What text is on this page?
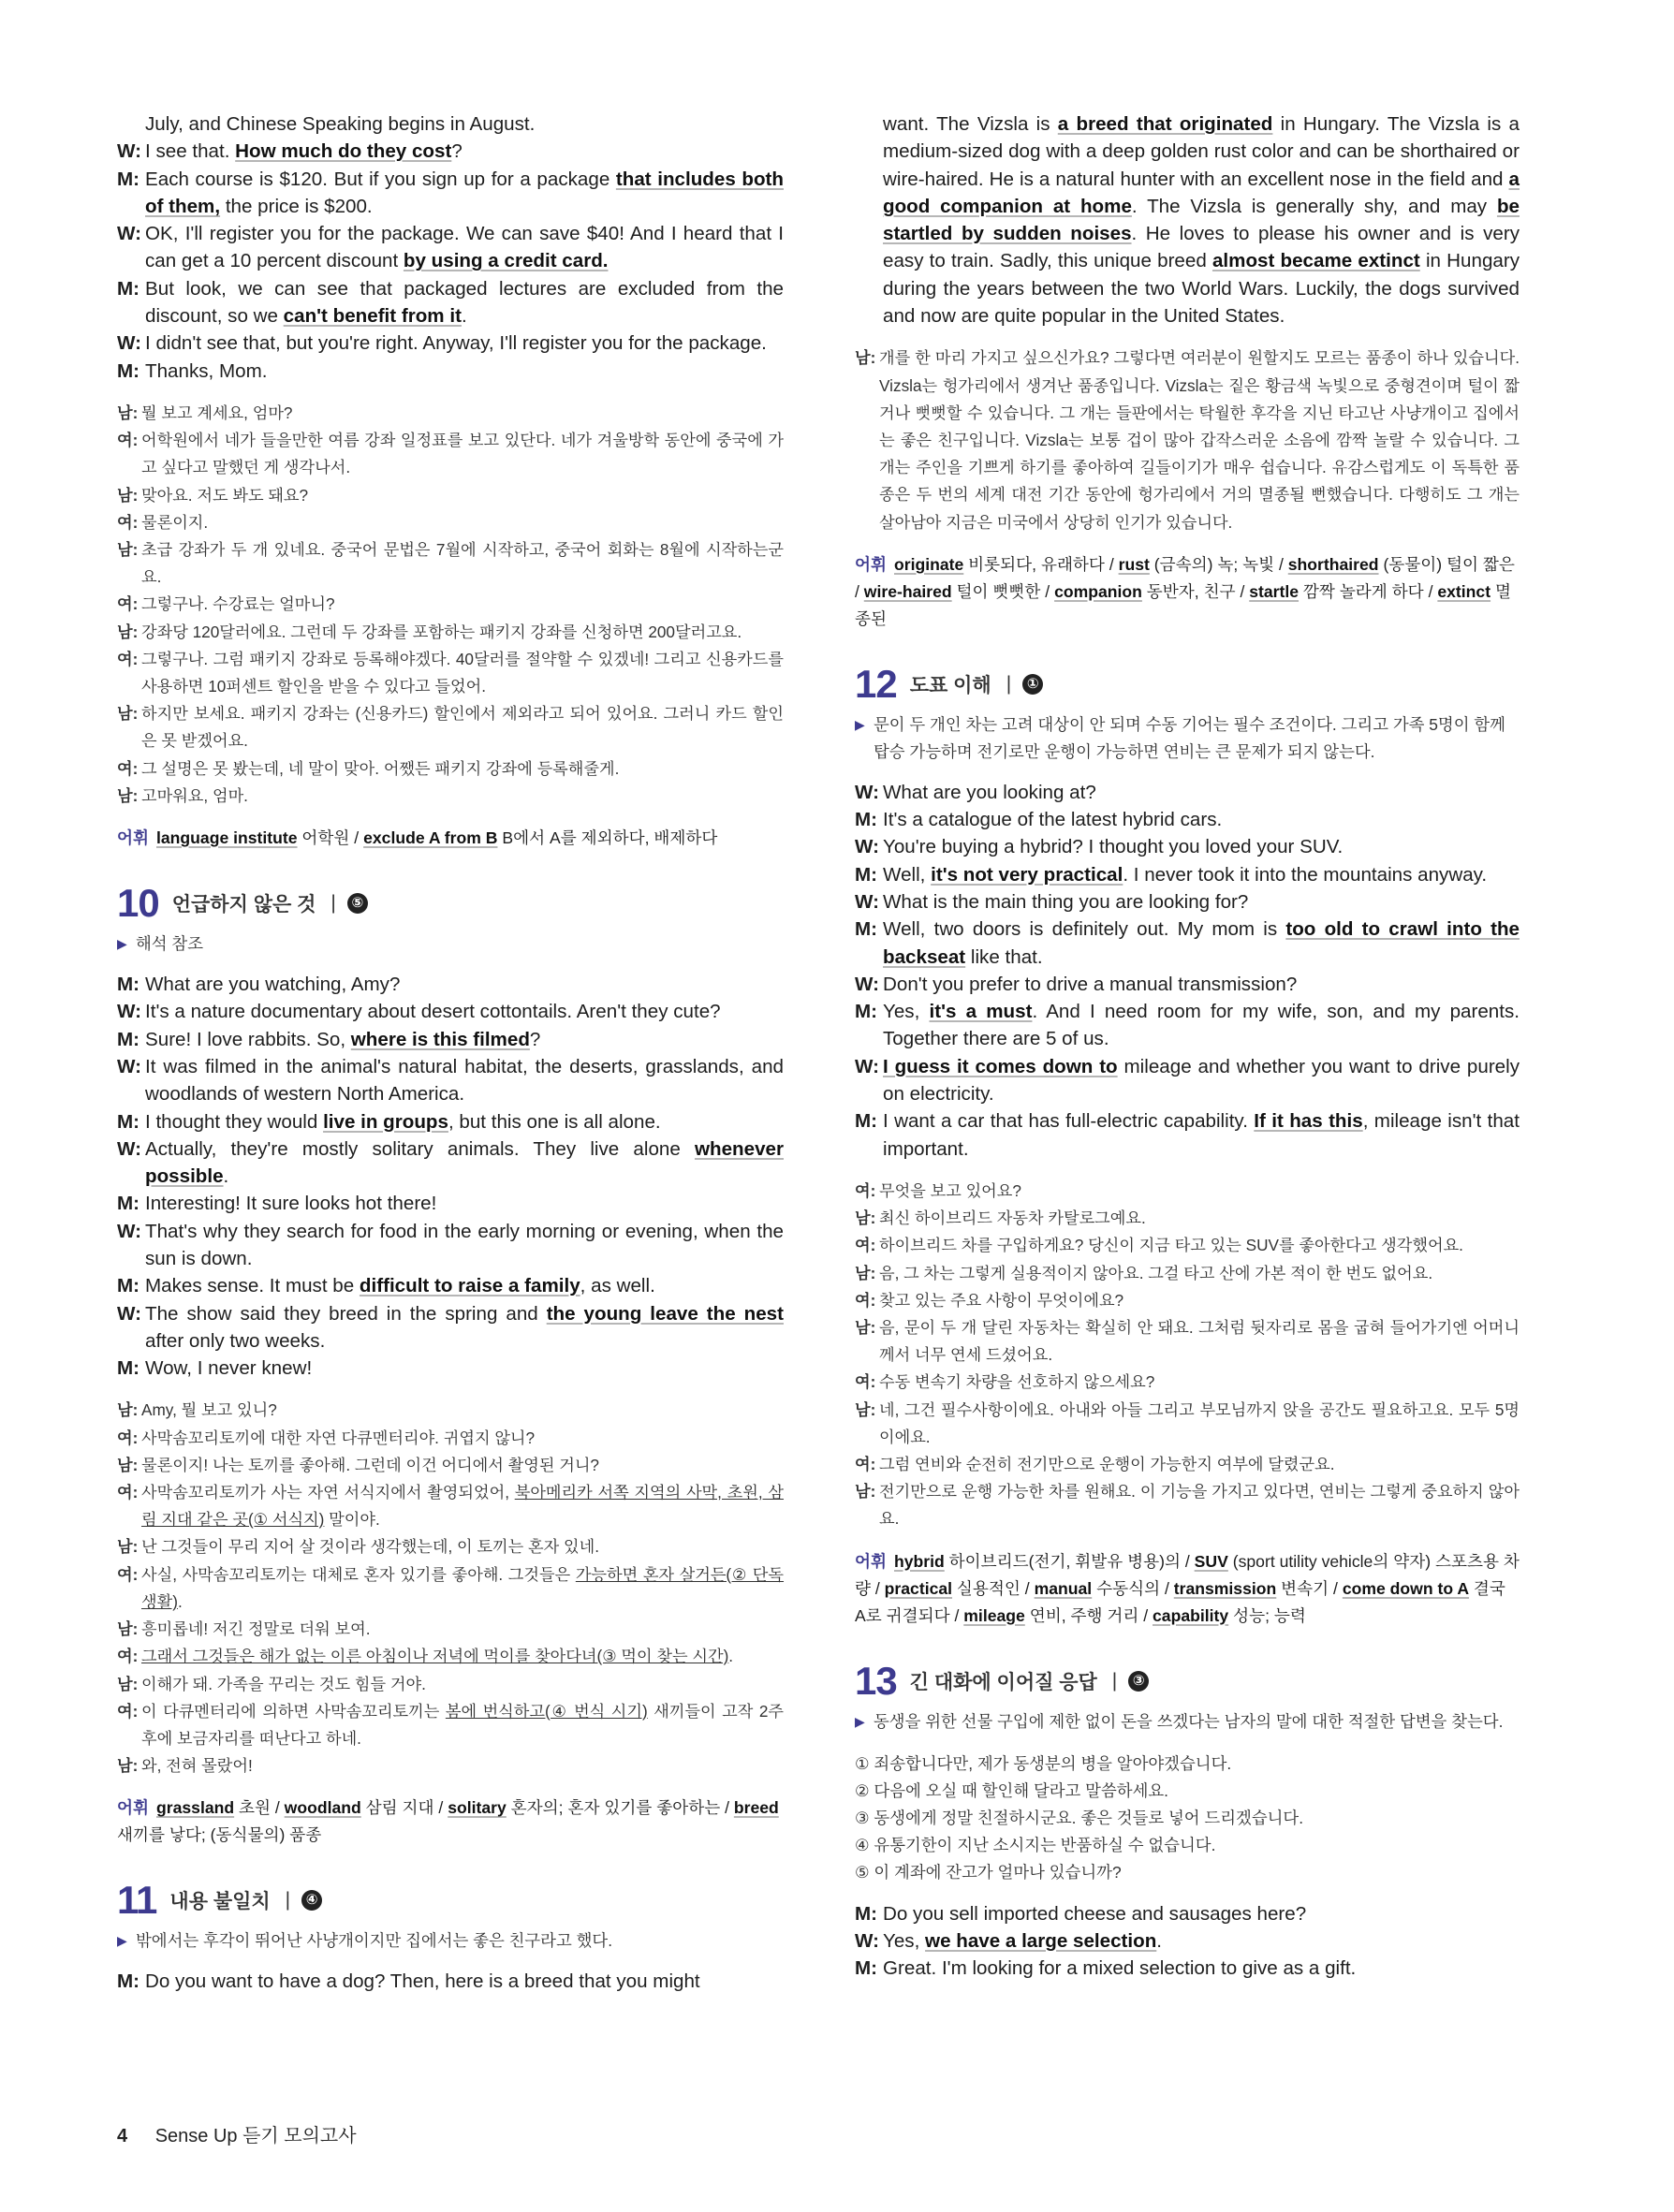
July, and Chinese Speaking begins in August.
W: I see that. How much do they cost?
M: Each course is $120. But if you sign up for a package that includes both of them, the price is $200.
W: OK, I'll register you for the package. We can save $40! And I heard that I can get a 10 percent discount by using a credit card.
M: But look, we can see that packaged lectures are excluded from the discount, so we can't benefit from it.
W: I didn't see that, but you're right. Anyway, I'll register you for the package.
M: Thanks, Mom.
남: 뭘 보고 계세요, 엄마?
여: 어학원에서 네가 들을만한 여름 강좌 일정표를 보고 있단다. 네가 겨울방학 동안에 중국에 가고 싶다고 말했던 게 생각나서.
남: 맞아요. 저도 봐도 돼요?
여: 물론이지.
남: 초급 강좌가 두 개 있네요. 중국어 문법은 7월에 시작하고, 중국어 회화는 8월에 시작하는군요.
여: 그렇구나. 수강료는 얼마니?
남: 강좌당 120달러에요. 그런데 두 강좌를 포함하는 패키지 강좌를 신청하면 200달러고요.
여: 그렇구나. 그럼 패키지 강좌로 등록해야겠다. 40달러를 절약할 수 있겠네! 그리고 신용카드를 사용하면 10퍼센트 할인을 받을 수 있다고 들었어.
남: 하지만 보세요. 패키지 강좌는 (신용카드) 할인에서 제외라고 되어 있어요. 그러니 카드 할인은 못 받겠어요.
여: 그 설명은 못 봤는데, 네 말이 맞아. 어쨌든 패키지 강좌에 등록해줄게.
남: 고마워요, 엄마.
어휘 language institute 어학원 / exclude A from B B에서 A를 제외하다, 배제하다
10 언급하지 않은 것 |	⑤
▶ 해석 참조
M: What are you watching, Amy?
W: It's a nature documentary about desert cottontails. Aren't they cute?
M: Sure! I love rabbits. So, where is this filmed?
W: It was filmed in the animal's natural habitat, the deserts, grasslands, and woodlands of western North America.
M: I thought they would live in groups, but this one is all alone.
W: Actually, they're mostly solitary animals. They live alone whenever possible.
M: Interesting! It sure looks hot there!
W: That's why they search for food in the early morning or evening, when the sun is down.
M: Makes sense. It must be difficult to raise a family, as well.
W: The show said they breed in the spring and the young leave the nest after only two weeks.
M: Wow, I never knew!
남: Amy, 뭘 보고 있니?
여: 사막솜꼬리토끼에 대한 자연 다큐멘터리야. 귀엽지 않니?
남: 물론이지! 나는 토끼를 좋아해. 그런데 이건 어디에서 촬영된 거니?
여: 사막솜꼬리토끼가 사는 자연 서식지에서 촬영되었어, 북아메리카 서쪽 지역의 사막, 초원, 삼림 지대 같은 곳(① 서식지) 말이야.
남: 난 그것들이 무리 지어 살 것이라 생각했는데, 이 토끼는 혼자 있네.
여: 사실, 사막솜꼬리토끼는 대체로 혼자 있기를 좋아해. 그것들은 가능하면 혼자 살거든(② 단독 생활).
남: 흥미롭네! 저긴 정말로 더워 보여.
여: 그래서 그것들은 해가 없는 이른 아침이나 저녁에 먹이를 찾아다녀(③ 먹이 찾는 시간).
남: 이해가 돼. 가족을 꾸리는 것도 힘들 거야.
여: 이 다큐멘터리에 의하면 사막솜꼬리토끼는 봄에 번식하고(④ 번식 시기) 새끼들이 고작 2주 후에 보금자리를 떠난다고 하네.
남: 와, 전혀 몰랐어!
어휘 grassland 초원 / woodland 삼림 지대 / solitary 혼자의; 혼자 있기를 좋아하는 / breed 새끼를 낳다; (동식물의) 품종
11 내용 불일치 |	④
▶ 밖에서는 후각이 뛰어난 사냥개이지만 집에서는 좋은 친구라고 했다.
M: Do you want to have a dog? Then, here is a breed that you might
want. The Vizsla is a breed that originated in Hungary. The Vizsla is a medium-sized dog with a deep golden rust color and can be shorthaired or wire-haired. He is a natural hunter with an excellent nose in the field and a good companion at home. The Vizsla is generally shy, and may be startled by sudden noises. He loves to please his owner and is very easy to train. Sadly, this unique breed almost became extinct in Hungary during the years between the two World Wars. Luckily, the dogs survived and now are quite popular in the United States.
남: 개를 한 마리 가지고 싶으신가요? 그렇다면 여러분이 원할지도 모르는 품종이 하나 있습니다. Vizsla는 헝가리에서 생겨난 품종입니다. Vizsla는 짙은 황금색 녹빛으로 중형견이며 털이 짧거나 뻣뻣할 수 있습니다. 그 개는 들판에서는 탁월한 후각을 지닌 타고난 사냥개이고 집에서는 좋은 친구입니다. Vizsla는 보통 겁이 많아 갑작스러운 소음에 깜짝 놀랄 수 있습니다. 그 개는 주인을 기쁘게 하기를 좋아하여 길들이기가 매우 쉽습니다. 유감스럽게도 이 독특한 품종은 두 번의 세계 대전 기간 동안에 헝가리에서 거의 멸종될 뻔했습니다. 다행히도 그 개는 살아남아 지금은 미국에서 상당히 인기가 있습니다.
어휘 originate 비롯되다, 유래하다 / rust (금속의) 녹; 녹빛 / shorthaired (동물이) 털이 짧은 / wire-haired 털이 뻣뻣한 / companion 동반자, 친구 / startle 깜짝 놀라게 하다 / extinct 멸종된
12 도표 이해 |	①
▶ 문이 두 개인 차는 고려 대상이 안 되며 수동 기어는 필수 조건이다. 그리고 가족 5명이 함께 탑승 가능하며 전기로만 운행이 가능하면 연비는 큰 문제가 되지 않는다.
W: What are you looking at?
M: It's a catalogue of the latest hybrid cars.
W: You're buying a hybrid? I thought you loved your SUV.
M: Well, it's not very practical. I never took it into the mountains anyway.
W: What is the main thing you are looking for?
M: Well, two doors is definitely out. My mom is too old to crawl into the backseat like that.
W: Don't you prefer to drive a manual transmission?
M: Yes, it's a must. And I need room for my wife, son, and my parents. Together there are 5 of us.
W: I guess it comes down to mileage and whether you want to drive purely on electricity.
M: I want a car that has full-electric capability. If it has this, mileage isn't that important.
여: 무엇을 보고 있어요?
남: 최신 하이브리드 자동차 카탈로그예요.
여: 하이브리드 차를 구입하게요? 당신이 지금 타고 있는 SUV를 좋아한다고 생각했어요.
남: 음, 그 차는 그렇게 실용적이지 않아요. 그걸 타고 산에 가본 적이 한 번도 없어요.
여: 찾고 있는 주요 사항이 무엇이에요?
남: 음, 문이 두 개 달린 자동차는 확실히 안 돼요. 그처럼 뒷자리로 몸을 굽혀 들어가기엔 어머니께서 너무 연세 드셨어요.
여: 수동 변속기 차량을 선호하지 않으세요?
남: 네, 그건 필수사항이에요. 아내와 아들 그리고 부모님까지 앉을 공간도 필요하고요. 모두 5명이에요.
여: 그럼 연비와 순전히 전기만으로 운행이 가능한지 여부에 달렸군요.
남: 전기만으로 운행 가능한 차를 원해요. 이 기능을 가지고 있다면, 연비는 그렇게 중요하지 않아요.
어휘 hybrid 하이브리드(전기, 휘발유 병용)의 / SUV (sport utility vehicle의 약자) 스포츠용 차량 / practical 실용적인 / manual 수동식의 / transmission 변속기 / come down to A 결국 A로 귀결되다 / mileage 연비, 주행 거리 / capability 성능; 능력
13 긴 대화에 이어질 응답 |	③
▶ 동생을 위한 선물 구입에 제한 없이 돈을 쓰겠다는 남자의 말에 대한 적절한 답변을 찾는다.
① 죄송합니다만, 제가 동생분의 병을 알아야겠습니다.
② 다음에 오실 때 할인해 달라고 말씀하세요.
③ 동생에게 정말 친절하시군요. 좋은 것들로 넣어 드리겠습니다.
④ 유통기한이 지난 소시지는 반품하실 수 없습니다.
⑤ 이 계좌에 잔고가 얼마나 있습니까?
M: Do you sell imported cheese and sausages here?
W: Yes, we have a large selection.
M: Great. I'm looking for a mixed selection to give as a gift.
4 Sense Up 듣기 모의고사
